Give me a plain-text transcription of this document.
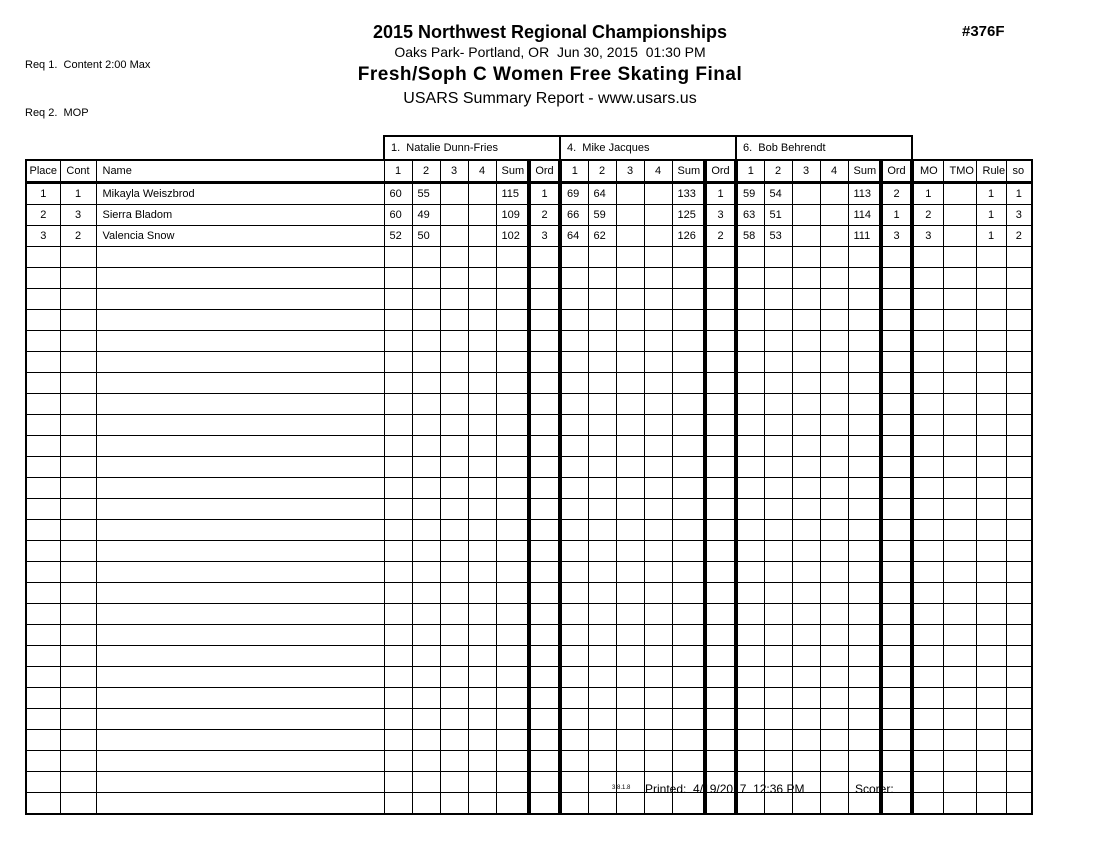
Req 1.  Content 2:00 Max

Req 2.  MOP

#376F
2015 Northwest Regional Championships
Oaks Park- Portland, OR  Jun 30, 2015  01:30 PM
Fresh/Soph C Women Free Skating Final
USARS Summary Report - www.usars.us
			1.  Natalie Dunn-Fries						4.  Mike Jacques						6.  Bob Behrendt									
Place	Cont	Name	1	2	3	4	Sum	Ord	1	2	3	4	Sum	Ord	1	2	3	4	Sum	Ord	MO	TMO	Rule	so
1	1	Mikayla Weiszbrod	60	55			115	1	69	64			133	1	59	54			113	2	1		1	1
2	3	Sierra Bladom	60	49			109	2	66	59			125	3	63	51			114	1	2		1	3
3	2	Valencia Snow	52	50			102	3	64	62			126	2	58	53			111	3	3		1	2

3.8.1.8 Printed:  4/19/2017  12:36 PM	Scorer:
